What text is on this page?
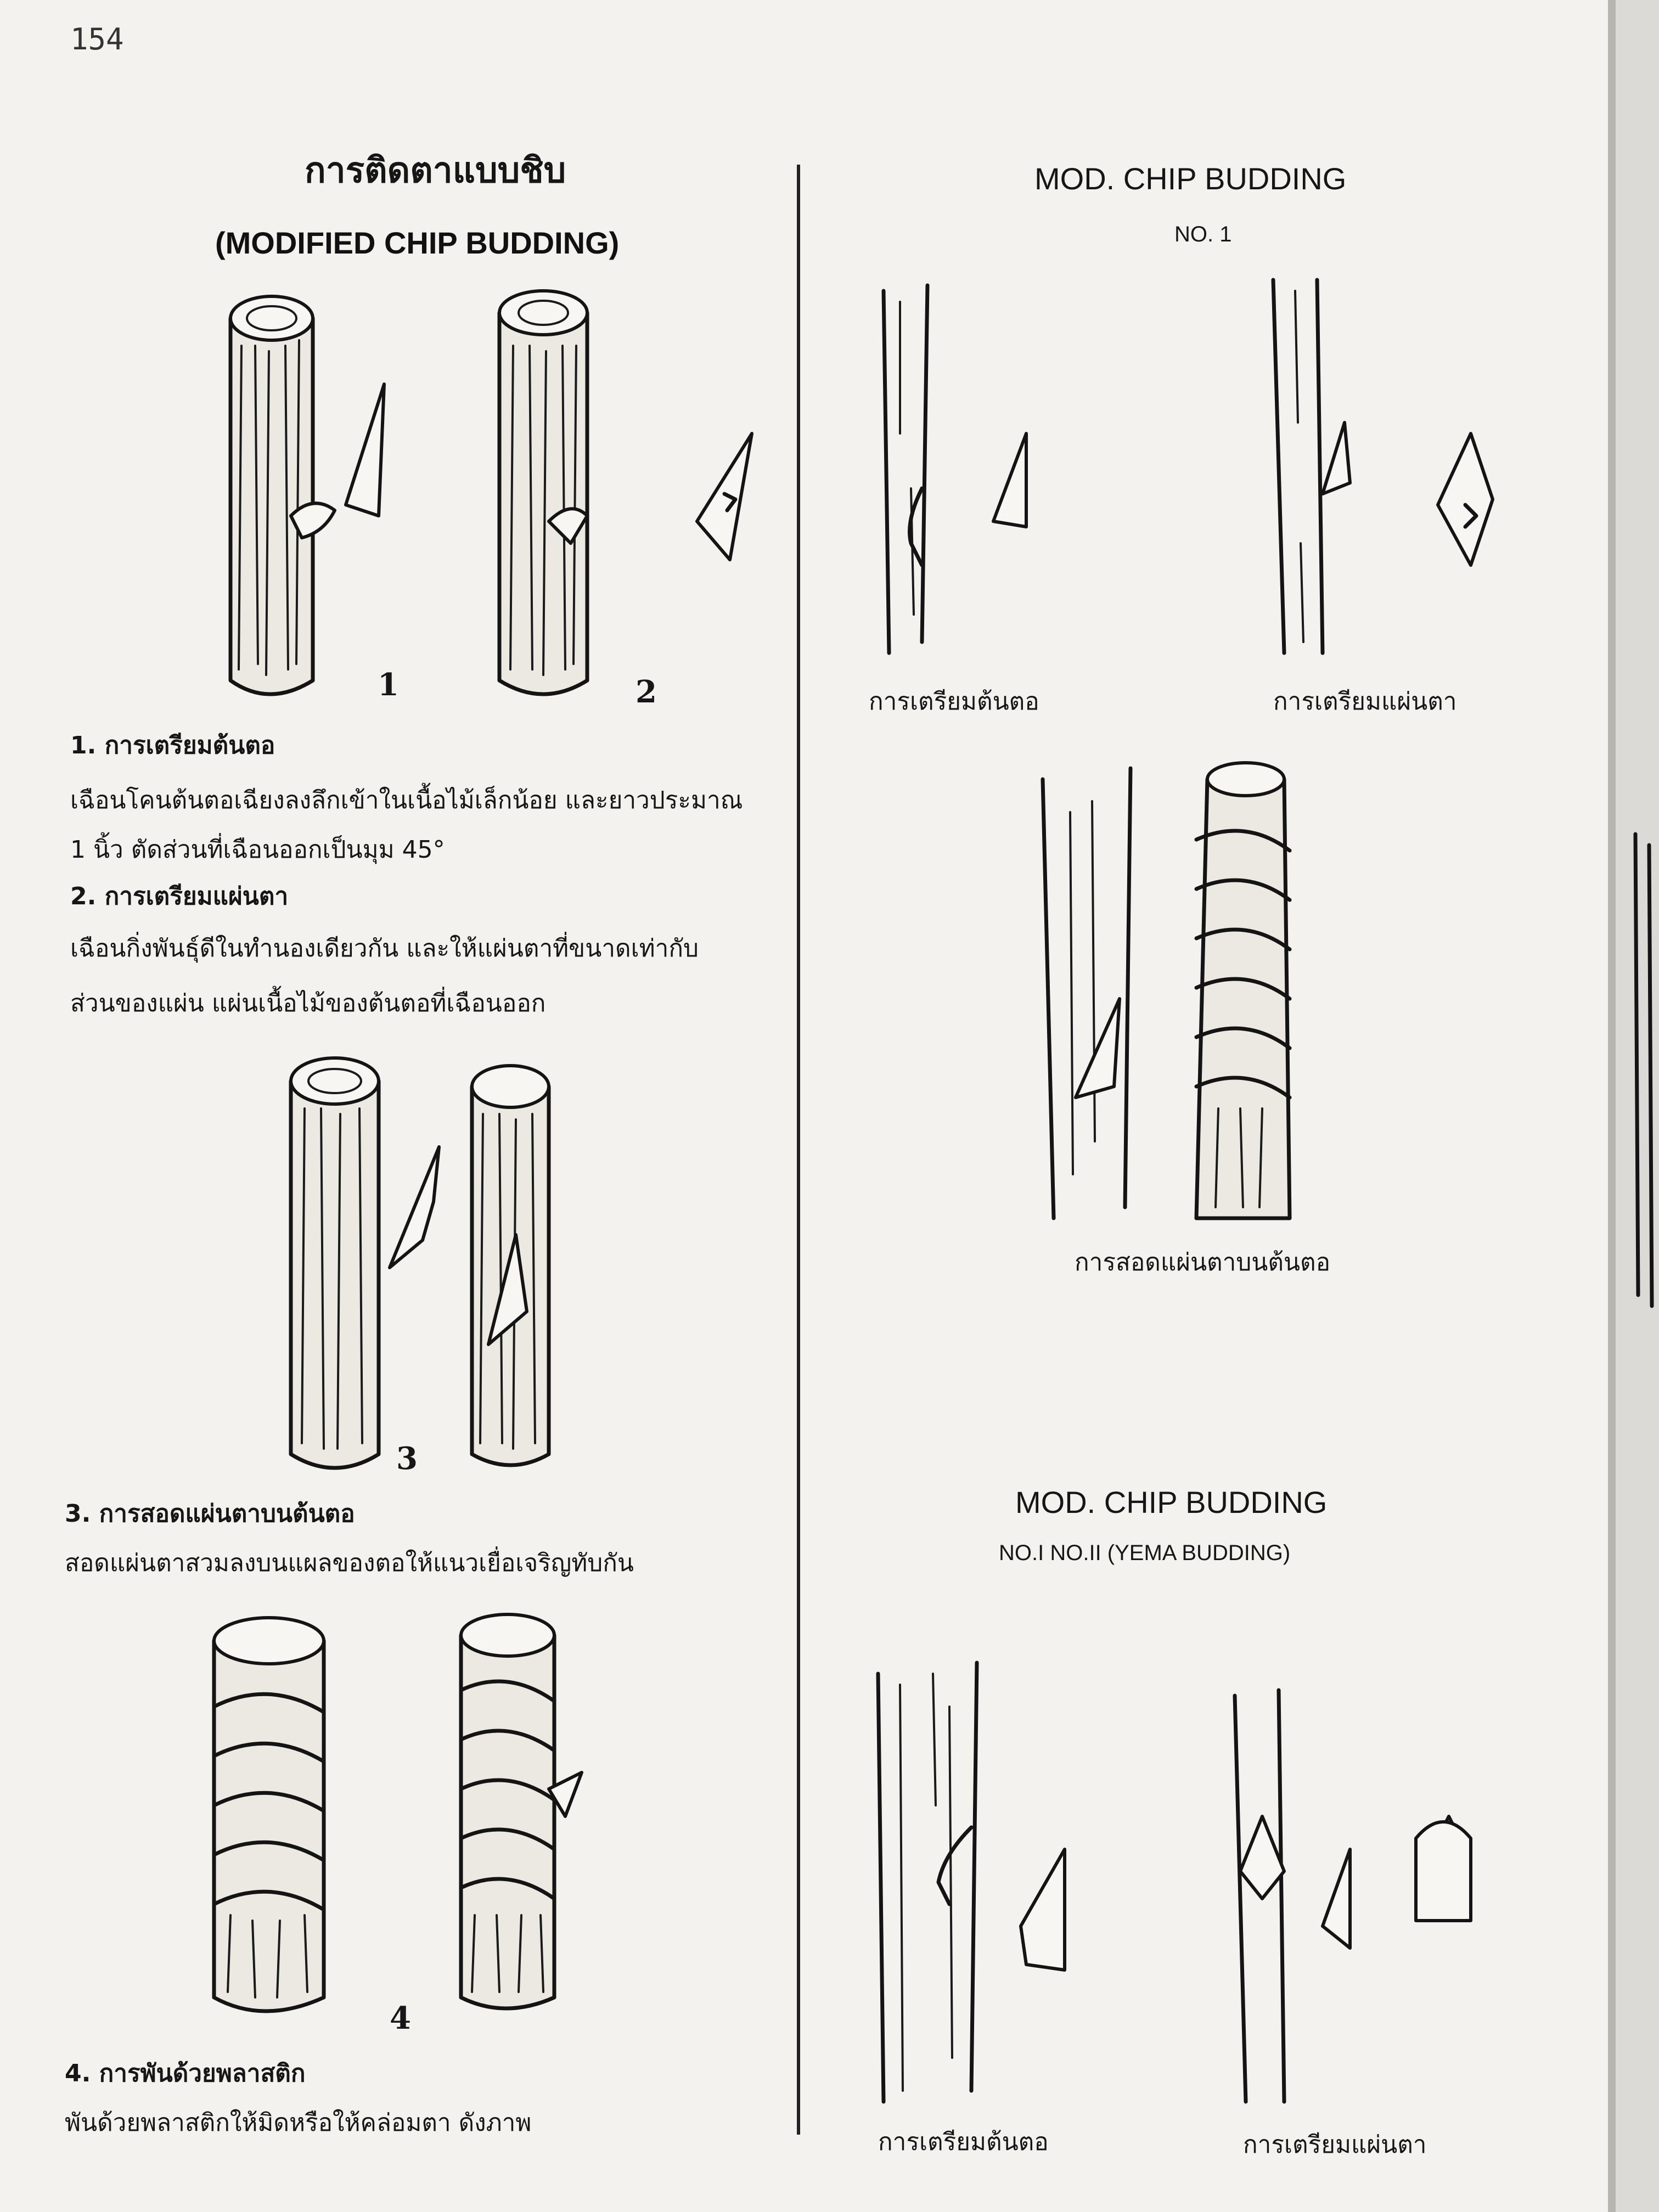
154
การติดตาแบบชิบ
(MODIFIED CHIP BUDDING)
1	2
1. การเตรียมต้นตอ
เฉือนโคนต้นตอเฉียงลงลึกเข้าในเนื้อไม้เล็กน้อย และยาวประมาณ
1 นิ้ว ตัดส่วนที่เฉือนออกเป็นมุม 45°
2. การเตรียมแผ่นตา
เฉือนกิ่งพันธุ์ดีในทำนองเดียวกัน และให้แผ่นตาที่ขนาดเท่ากับ
ส่วนของแผ่น แผ่นเนื้อไม้ของต้นตอที่เฉือนออก
3
3. การสอดแผ่นตาบนต้นตอ
สอดแผ่นตาสวมลงบนแผลของตอให้แนวเยื่อเจริญทับกัน
4
4. การพันด้วยพลาสติก
พันด้วยพลาสติกให้มิดหรือให้คล่อมตา ดังภาพ
MOD. CHIP BUDDING
NO. 1
การเตรียมต้นตอ	การเตรียมแผ่นตา
การสอดแผ่นตาบนต้นตอ
MOD. CHIP BUDDING
NO.I NO.II (YEMA BUDDING)
การเตรียมต้นตอ	การเตรียมแผ่นตา
